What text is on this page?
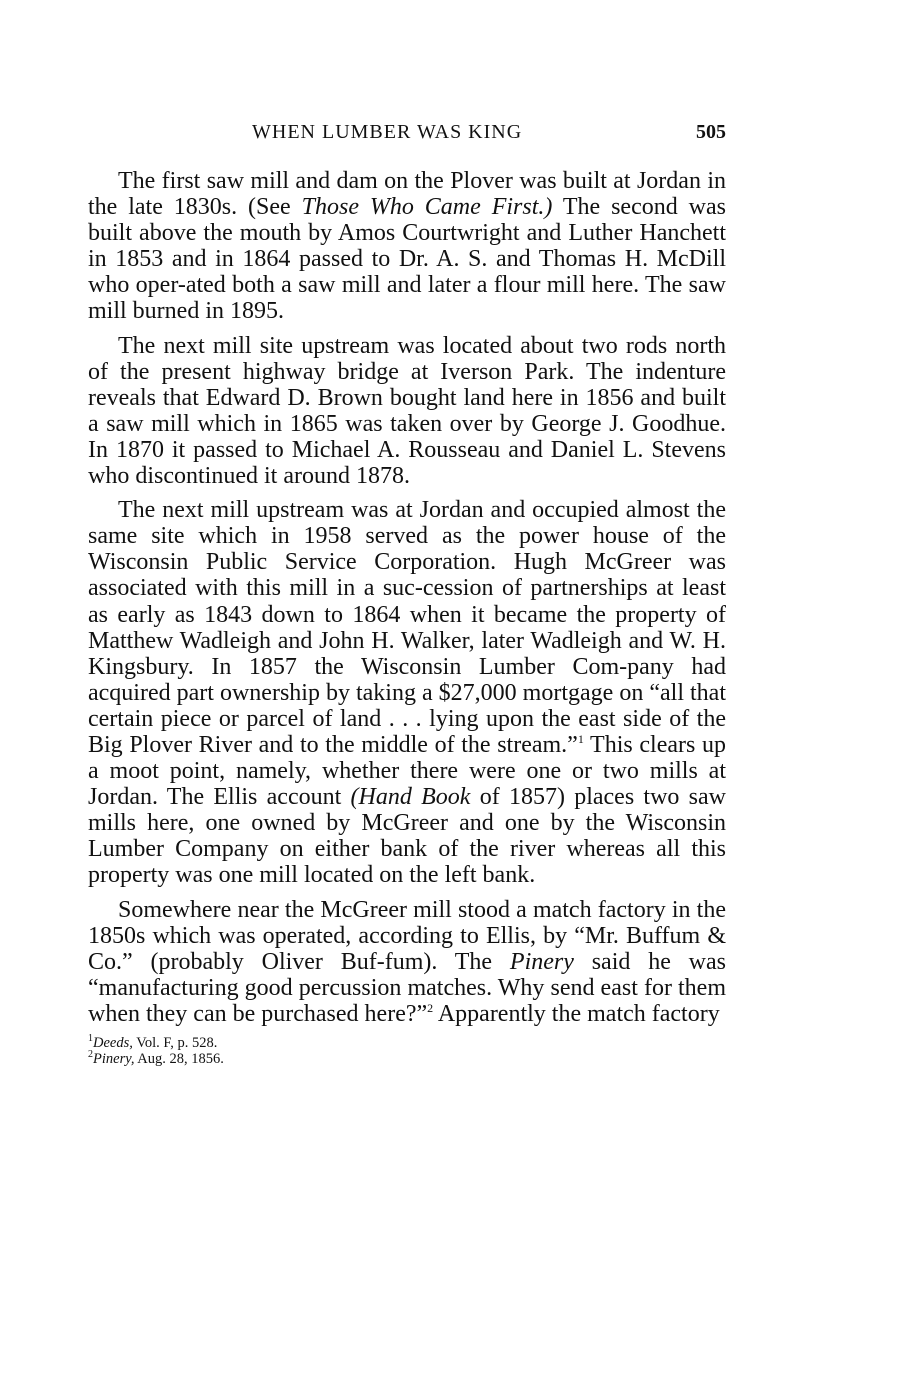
WHEN LUMBER WAS KING	505

The first saw mill and dam on the Plover was built at Jordan in the late 1830s. (See Those Who Came First.) The second was built above the mouth by Amos Courtwright and Luther Hanchett in 1853 and in 1864 passed to Dr. A. S. and Thomas H. McDill who oper-ated both a saw mill and later a flour mill here. The saw mill burned in 1895.

The next mill site upstream was located about two rods north of the present highway bridge at Iverson Park. The indenture reveals that Edward D. Brown bought land here in 1856 and built a saw mill which in 1865 was taken over by George J. Goodhue. In 1870 it passed to Michael A. Rousseau and Daniel L. Stevens who discontinued it around 1878.

The next mill upstream was at Jordan and occupied almost the same site which in 1958 served as the power house of the Wisconsin Public Service Corporation. Hugh McGreer was associated with this mill in a suc-cession of partnerships at least as early as 1843 down to 1864 when it became the property of Matthew Wadleigh and John H. Walker, later Wadleigh and W. H. Kingsbury. In 1857 the Wisconsin Lumber Com-pany had acquired part ownership by taking a $27,000 mortgage on “all that certain piece or parcel of land . . . lying upon the east side of the Big Plover River and to the middle of the stream.”$^1$ This clears up a moot point, namely, whether there were one or two mills at Jordan. The Ellis account (Hand Book of 1857) places two saw mills here, one owned by McGreer and one by the Wisconsin Lumber Company on either bank of the river whereas all this property was one mill located on the left bank.

Somewhere near the McGreer mill stood a match factory in the 1850s which was operated, according to Ellis, by “Mr. Buffum & Co.” (probably Oliver Buf-fum). The Pinery said he was “manufacturing good percussion matches. Why send east for them when they can be purchased here?”$^2$ Apparently the match factory

$^1$Deeds, Vol. F, p. 528.

$^2$Pinery, Aug. 28, 1856.
